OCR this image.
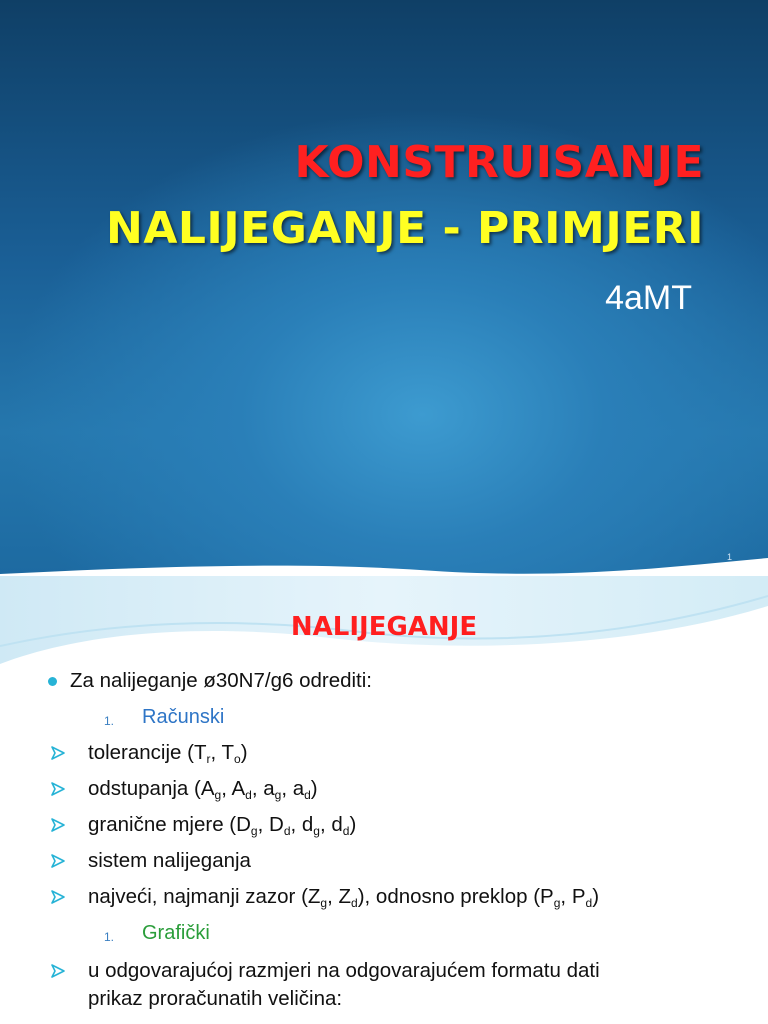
KONSTRUISANJE
NALIJEGANJE - PRIMJERI
4aMT
1
NALIJEGANJE
Za nalijeganje ø30N7/g6 odrediti:
1. Računski
tolerancije ($T_r$, $T_o$)
odstupanja ($A_g$, $A_d$, $a_g$, $a_d$)
granične mjere ($D_g$, $D_d$, $d_g$, $d_d$)
sistem nalijeganja
najveći, najmanji zazor ($Z_g$, $Z_d$), odnosno preklop ($P_g$, $P_d$)
1. Grafički
u odgovarajućoj razmjeri na odgovarajućem formatu dati
prikaz proračunatih veličina:
